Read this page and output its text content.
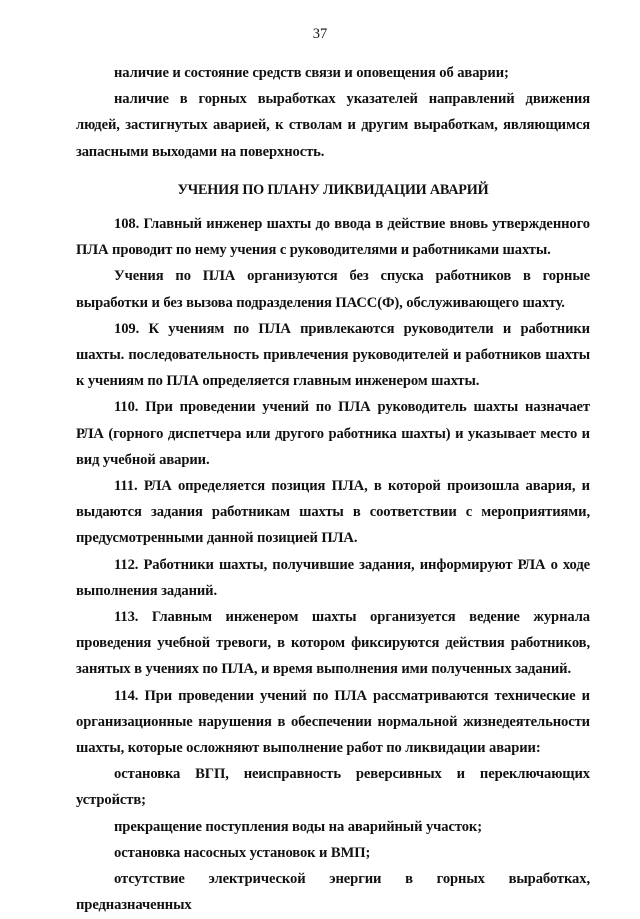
37

наличие и состояние средств связи и оповещения об аварии;

наличие в горных выработках указателей направлений движения людей, застигнутых аварией, к стволам и другим выработкам, являющимся запасными выходами на поверхность.

УЧЕНИЯ ПО ПЛАНУ ЛИКВИДАЦИИ АВАРИЙ

108. Главный инженер шахты до ввода в действие вновь утвержденного ПЛА проводит по нему учения с руководителями и работниками шахты.

Учения по ПЛА организуются без спуска работников в горные выработки и без вызова подразделения ПАСС(Ф), обслуживающего шахту.

109. К учениям по ПЛА привлекаются руководители и работники шахты. последовательность привлечения руководителей и работников шахты к учениям по ПЛА определяется главным инженером шахты.

110. При проведении учений по ПЛА руководитель шахты назначает РЛА (горного диспетчера или другого работника шахты) и указывает место и вид учебной аварии.

111. РЛА определяется позиция ПЛА, в которой произошла авария, и выдаются задания работникам шахты в соответствии с мероприятиями, предусмотренными данной позицией ПЛА.

112. Работники шахты, получившие задания, информируют РЛА о ходе выполнения заданий.

113. Главным инженером шахты организуется ведение журнала проведения учебной тревоги, в котором фиксируются действия работников, занятых в учениях по ПЛА, и время выполнения ими полученных заданий.

114. При проведении учений по ПЛА рассматриваются технические и организационные нарушения в обеспечении нормальной жизнедеятельности шахты, которые осложняют выполнение работ по ликвидации аварии:

остановка ВГП, неисправность реверсивных и переключающих устройств;

прекращение поступления воды на аварийный участок;

остановка насосных установок и ВМП;

отсутствие электрической энергии в горных выработках, предназначенных
